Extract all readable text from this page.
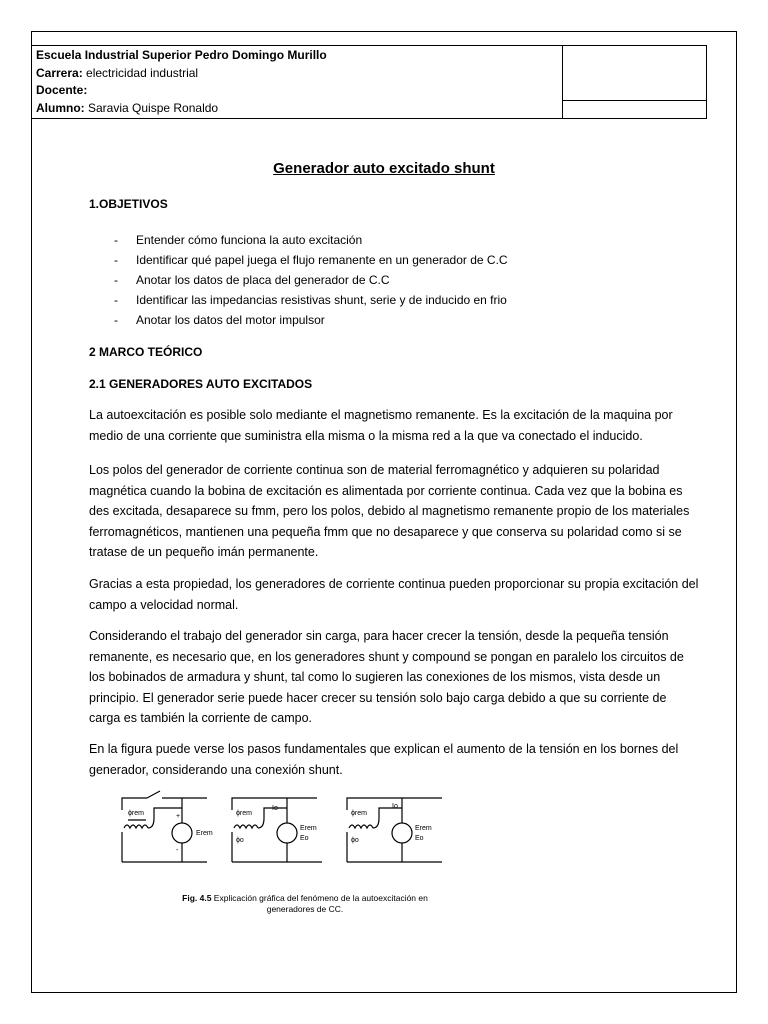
Escuela Industrial Superior Pedro Domingo Murillo
Carrera: electricidad industrial
Docente:
Alumno: Saravia Quispe Ronaldo

Generador auto excitado shunt
1.OBJETIVOS
- Entender cómo funciona la auto excitación
- Identificar qué papel juega el flujo remanente en un generador de C.C
- Anotar los datos de placa del generador de C.C
- Identificar las impedancias resistivas shunt, serie y de inducido en frio
- Anotar los datos del motor impulsor
2 MARCO TEÓRICO
2.1 GENERADORES AUTO EXCITADOS

La autoexcitación es posible solo mediante el magnetismo remanente. Es la excitación de la maquina por medio de una corriente que suministra ella misma o la misma red a la que va conectado el inducido.

Los polos del generador de corriente continua son de material ferromagnético y adquieren su polaridad magnética cuando la bobina de excitación es alimentada por corriente continua. Cada vez que la bobina es des excitada, desaparece su fmm, pero los polos, debido al magnetismo remanente propio de los materiales ferromagnéticos, mantienen una pequeña fmm que no desaparece y que conserva su polaridad como si se tratase de un pequeño imán permanente.

Gracias a esta propiedad, los generadores de corriente continua pueden proporcionar su propia excitación del campo a velocidad normal.

Considerando el trabajo del generador sin carga, para hacer crecer la tensión, desde la pequeña tensión remanente, es necesario que, en los generadores shunt y compound se pongan en paralelo los circuitos de los bobinados de armadura y shunt, tal como lo sugieren las conexiones de los mismos, vista desde un principio. El generador serie puede hacer crecer su tensión solo bajo carga debido a que su corriente de carga es también la corriente de campo.

En la figura puede verse los pasos fundamentales que explican el aumento de la tensión en los bornes del generador, considerando una conexión shunt.

ϕrem
Erem
+
-
ϕrem
ϕo
Io
Erem
Eo
ϕrem
ϕo
Io
Erem
Eo
Fig. 4.5 Explicación gráfica del fenómeno de la autoexcitación en
generadores de CC.
